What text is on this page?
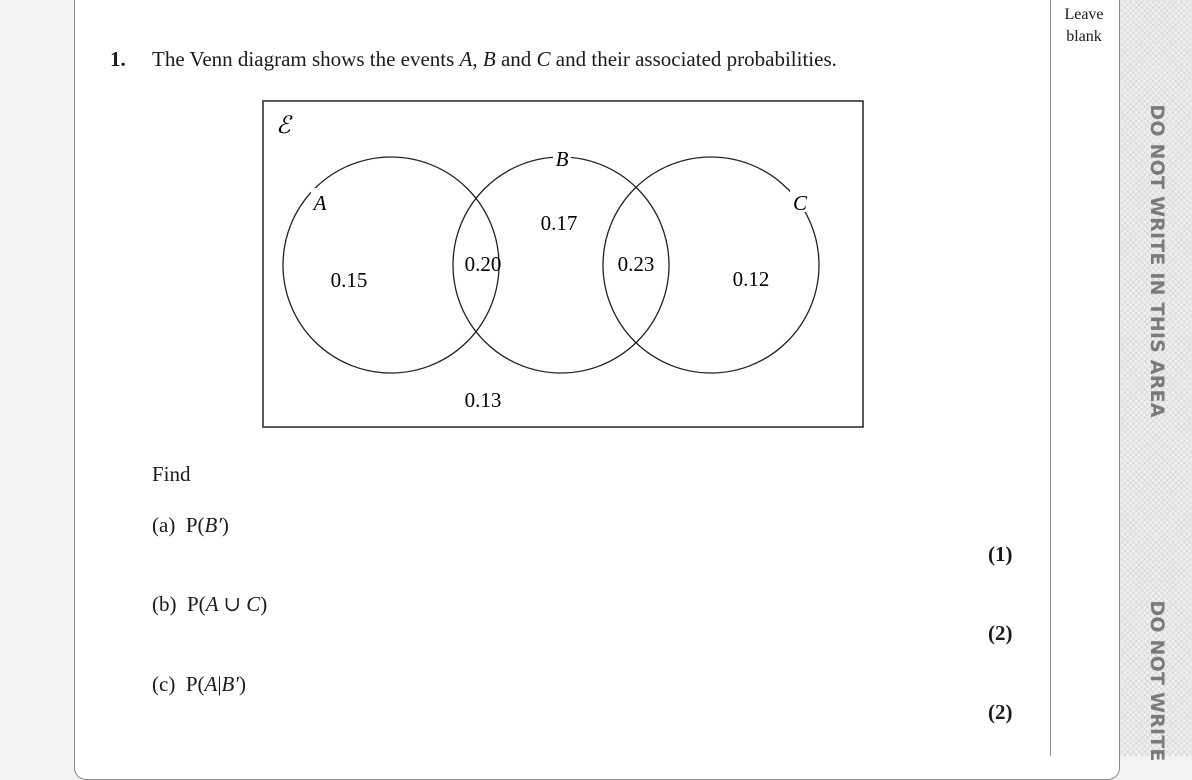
Leave
blank
DO NOT WRITE IN THIS AREA
DO NOT WRITE
1. The Venn diagram shows the events A, B and C and their associated probabilities.
ℰ
A
B
C
0.15
0.20
0.17
0.23
0.12
0.13
Find
(a) P(B′)
(1)
(b) P(A ∪ C)
(2)
(c) P(A|B′)
(2)
